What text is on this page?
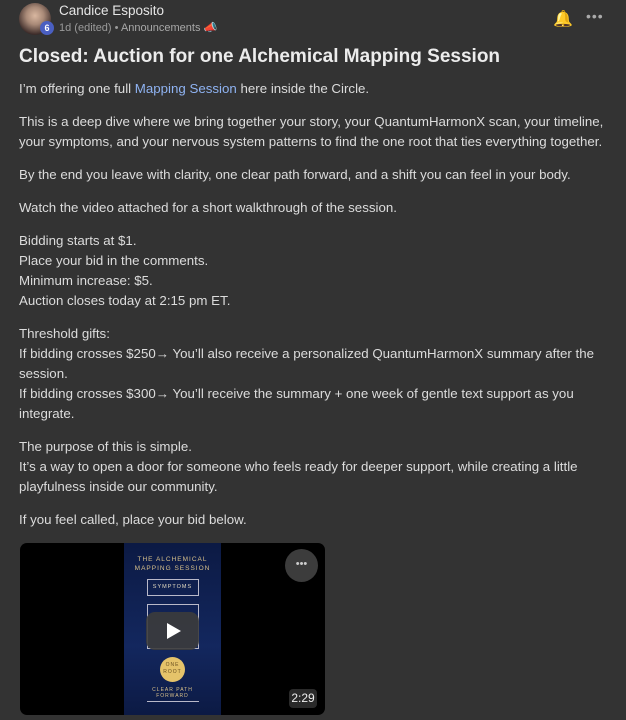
6
Candice Esposito
1d (edited) • Announcements 📣	🔔 •••
Closed: Auction for one Alchemical Mapping Session

I’m offering one full Mapping Session here inside the Circle.

This is a deep dive where we bring together your story, your QuantumHarmonX scan, your timeline, your symptoms, and your nervous system patterns to find the one root that ties everything together.

By the end you leave with clarity, one clear path forward, and a shift you can feel in your body.

Watch the video attached for a short walkthrough of the session.

Bidding starts at $1.
Place your bid in the comments.
Minimum increase: $5.
Auction closes today at 2:15 pm ET.

Threshold gifts:
If bidding crosses $250→ You’ll also receive a personalized QuantumHarmonX summary after the session.
If bidding crosses $300→ You’ll receive the summary + one week of gentle text support as you integrate.

The purpose of this is simple.
It’s a way to open a door for someone who feels ready for deeper support, while creating a little playfulness inside our community.

If you feel called, place your bid below.

THE ALCHEMICAL MAPPING SESSION
SYMPTOMS
ONE ROOT
CLEAR PATH FORWARD
•••
2:29
